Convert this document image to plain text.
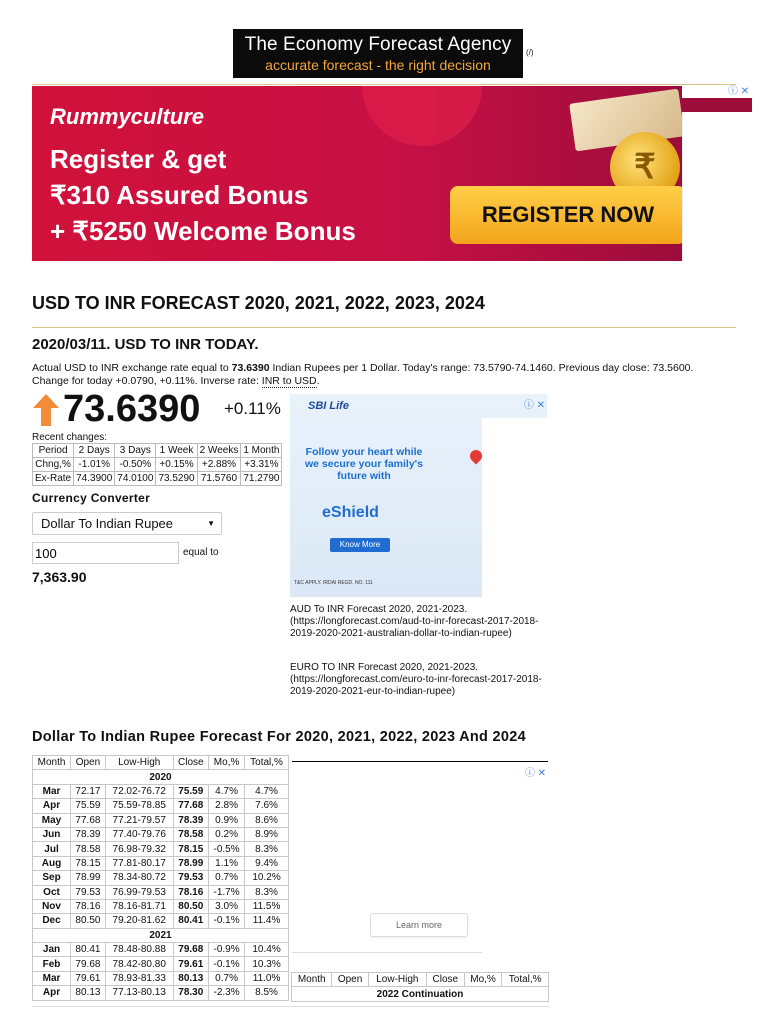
The Economy Forecast Agency
accurate forecast - the right decision
(/)
₹
Rummyculture
Register & get
₹310 Assured Bonus
+ ₹5250 Welcome Bonus
REGISTER NOW
ⓘ ✕
USD TO INR FORECAST 2020, 2021, 2022, 2023, 2024
2020/03/11. USD TO INR TODAY.
Actual USD to INR exchange rate equal to 73.6390 Indian Rupees per 1 Dollar. Today's range: 73.5790-74.1460. Previous day close: 73.5600. Change for today +0.0790, +0.11%. Inverse rate: INR to USD.
73.6390 +0.11%
Recent changes:
Period	2 Days	3 Days	1 Week	2 Weeks	1 Month
Chng,%	-1.01%	-0.50%	+0.15%	+2.88%	+3.31%
Ex-Rate	74.3900	74.0100	73.5290	71.5760	71.2790
Currency Converter
Dollar To Indian Rupee	▼
100
equal to
7,363.90
SBI Life
Follow your heart while we secure your family's future with
eShield
Know More
T&C APPLY. IRDAI REGD. NO. 111
ⓘ ✕
AUD To INR Forecast 2020, 2021-2023.
(https://longforecast.com/aud-to-inr-forecast-2017-2018-2019-2020-2021-australian-dollar-to-indian-rupee)
EURO TO INR Forecast 2020, 2021-2023.
(https://longforecast.com/euro-to-inr-forecast-2017-2018-2019-2020-2021-eur-to-indian-rupee)
Dollar To Indian Rupee Forecast For 2020, 2021, 2022, 2023 And 2024
Month	Open	Low-High	Close	Mo,%	Total,%
2020					
Mar	72.17	72.02-76.72	75.59	4.7%	4.7%
Apr	75.59	75.59-78.85	77.68	2.8%	7.6%
May	77.68	77.21-79.57	78.39	0.9%	8.6%
Jun	78.39	77.40-79.76	78.58	0.2%	8.9%
Jul	78.58	76.98-79.32	78.15	-0.5%	8.3%
Aug	78.15	77.81-80.17	78.99	1.1%	9.4%
Sep	78.99	78.34-80.72	79.53	0.7%	10.2%
Oct	79.53	76.99-79.53	78.16	-1.7%	8.3%
Nov	78.16	78.16-81.71	80.50	3.0%	11.5%
Dec	80.50	79.20-81.62	80.41	-0.1%	11.4%
2021					
Jan	80.41	78.48-80.88	79.68	-0.9%	10.4%
Feb	79.68	78.42-80.80	79.61	-0.1%	10.3%
Mar	79.61	78.93-81.33	80.13	0.7%	11.0%
Apr	80.13	77.13-80.13	78.30	-2.3%	8.5%
ⓘ ✕
Learn more
Month	Open	Low-High	Close	Mo,%	Total,%
2022 Continuation
